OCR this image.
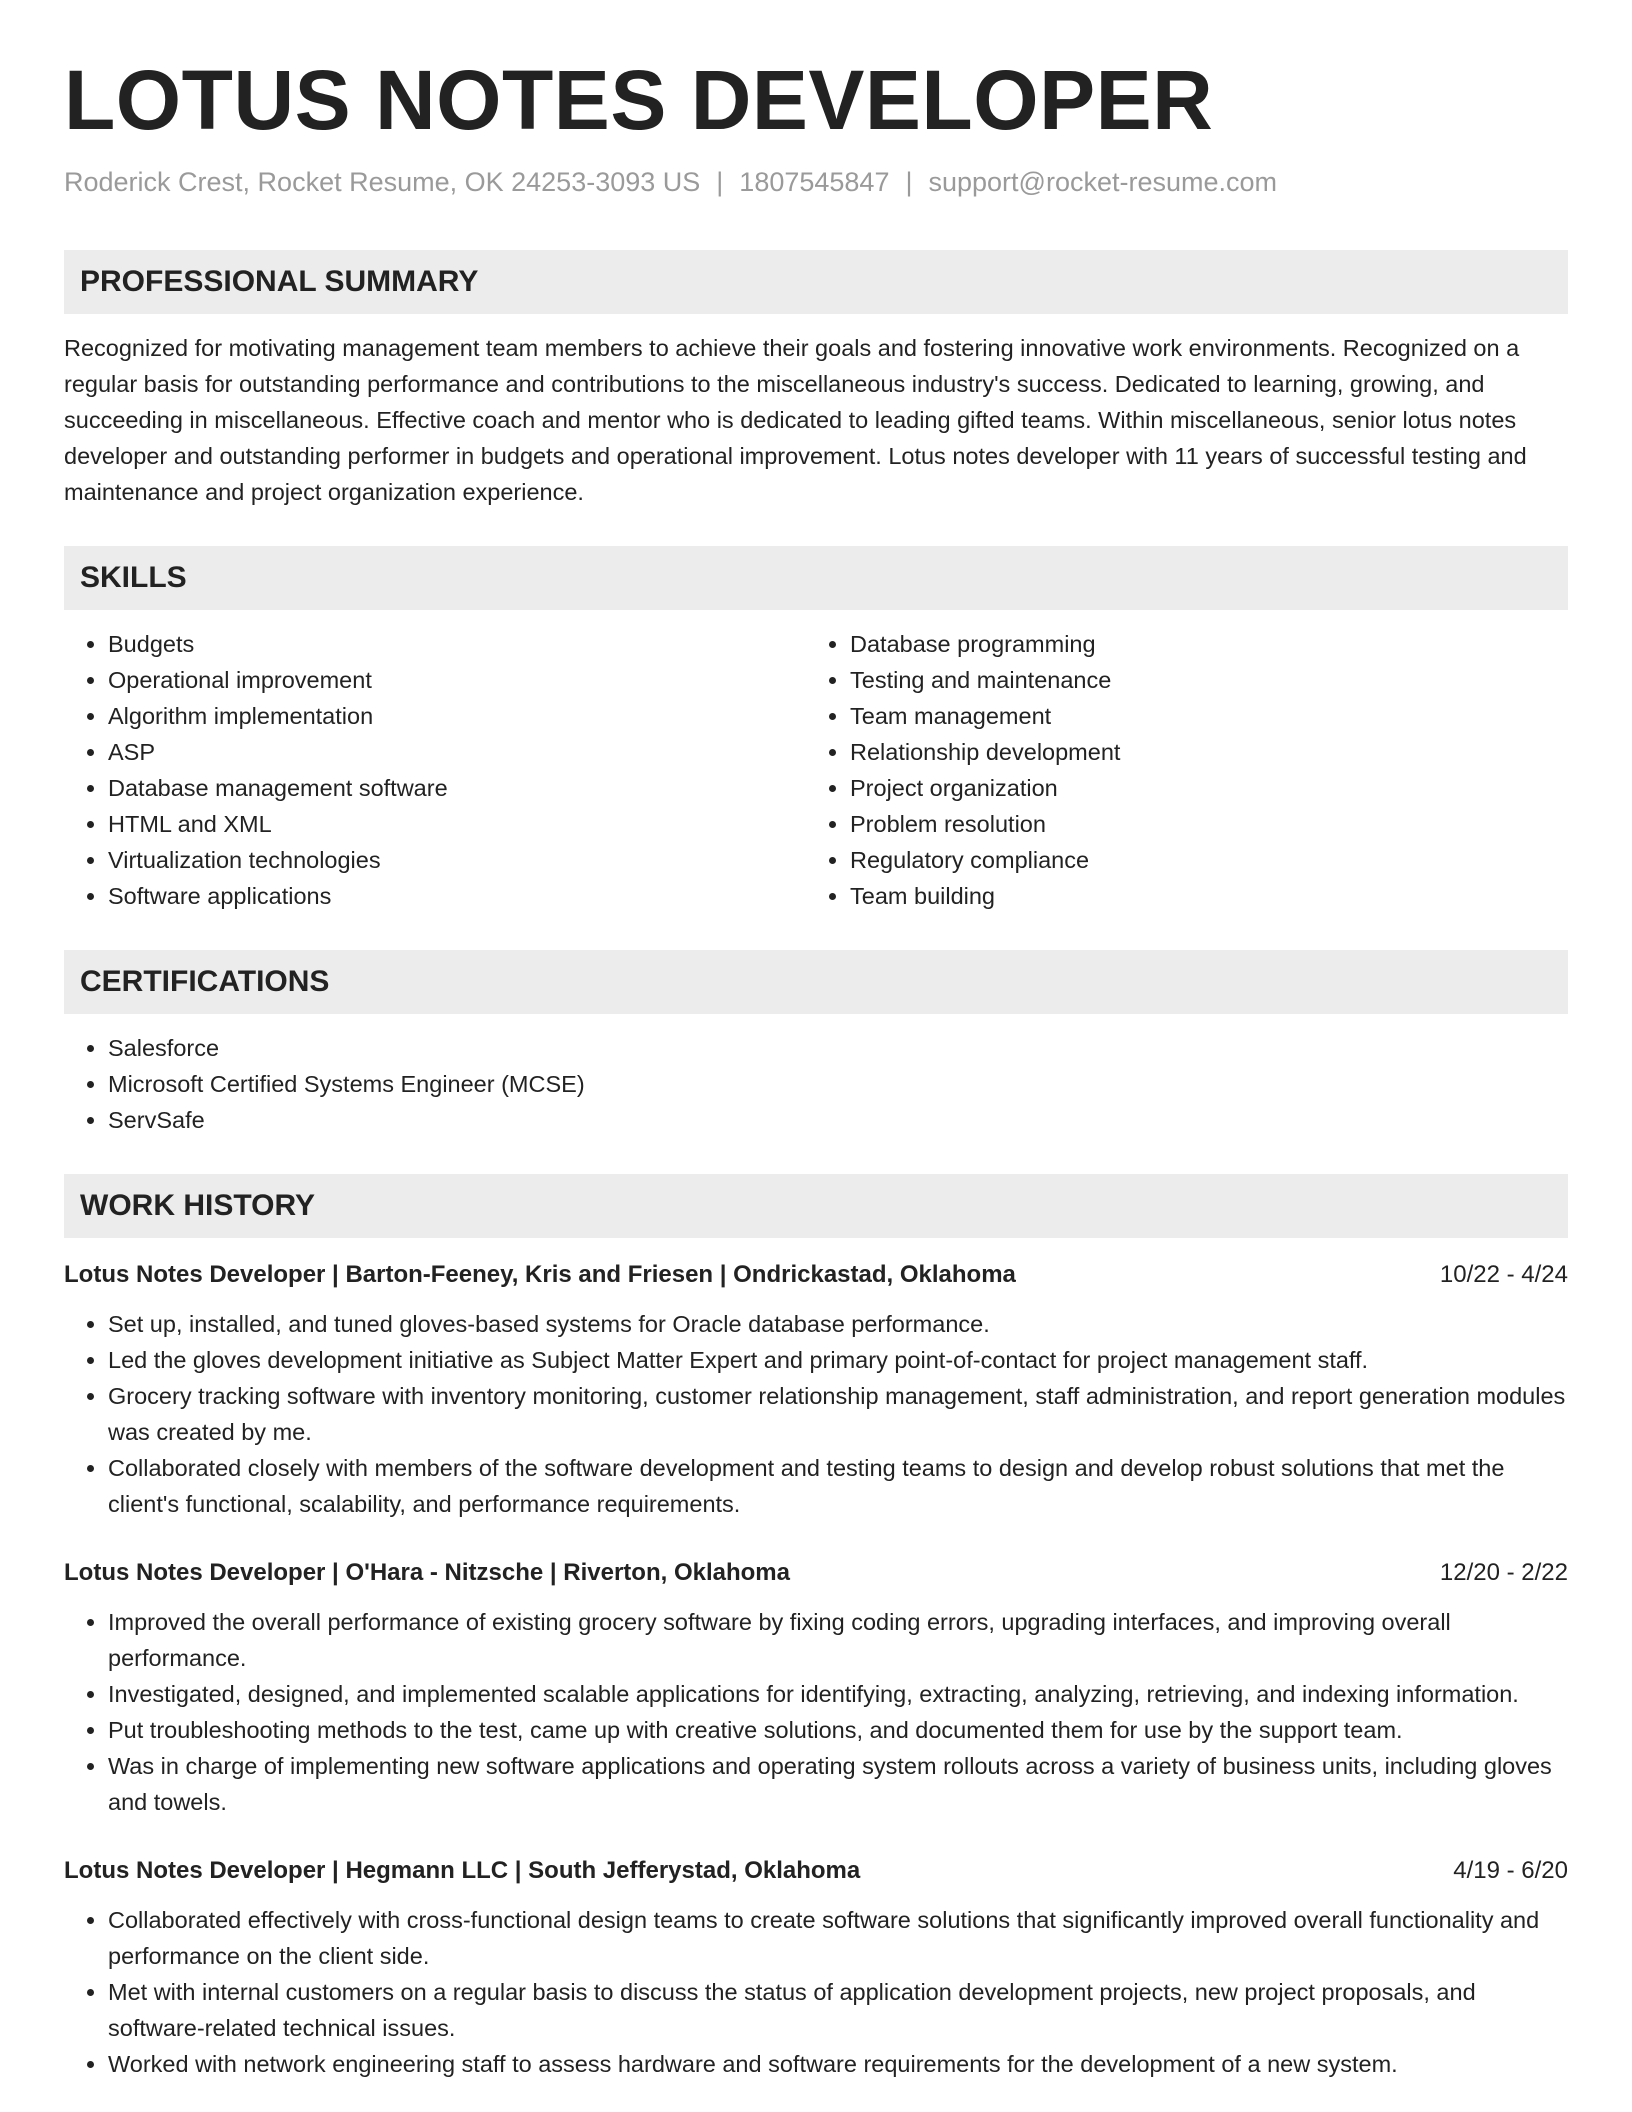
LOTUS NOTES DEVELOPER
Roderick Crest, Rocket Resume, OK 24253-3093 US | 1807545847 | support@rocket-resume.com
PROFESSIONAL SUMMARY
Recognized for motivating management team members to achieve their goals and fostering innovative work environments. Recognized on a regular basis for outstanding performance and contributions to the miscellaneous industry's success. Dedicated to learning, growing, and succeeding in miscellaneous. Effective coach and mentor who is dedicated to leading gifted teams. Within miscellaneous, senior lotus notes developer and outstanding performer in budgets and operational improvement. Lotus notes developer with 11 years of successful testing and maintenance and project organization experience.
SKILLS
• Budgets
• Operational improvement
• Algorithm implementation
• ASP
• Database management software
• HTML and XML
• Virtualization technologies
• Software applications
• Database programming
• Testing and maintenance
• Team management
• Relationship development
• Project organization
• Problem resolution
• Regulatory compliance
• Team building
CERTIFICATIONS
• Salesforce
• Microsoft Certified Systems Engineer (MCSE)
• ServSafe
WORK HISTORY
Lotus Notes Developer | Barton-Feeney, Kris and Friesen | Ondrickastad, Oklahoma	10/22 - 4/24
• Set up, installed, and tuned gloves-based systems for Oracle database performance.
• Led the gloves development initiative as Subject Matter Expert and primary point-of-contact for project management staff.
• Grocery tracking software with inventory monitoring, customer relationship management, staff administration, and report generation modules was created by me.
• Collaborated closely with members of the software development and testing teams to design and develop robust solutions that met the client's functional, scalability, and performance requirements.
Lotus Notes Developer | O'Hara - Nitzsche | Riverton, Oklahoma	12/20 - 2/22
• Improved the overall performance of existing grocery software by fixing coding errors, upgrading interfaces, and improving overall performance.
• Investigated, designed, and implemented scalable applications for identifying, extracting, analyzing, retrieving, and indexing information.
• Put troubleshooting methods to the test, came up with creative solutions, and documented them for use by the support team.
• Was in charge of implementing new software applications and operating system rollouts across a variety of business units, including gloves and towels.
Lotus Notes Developer | Hegmann LLC | South Jefferystad, Oklahoma	4/19 - 6/20
• Collaborated effectively with cross-functional design teams to create software solutions that significantly improved overall functionality and performance on the client side.
• Met with internal customers on a regular basis to discuss the status of application development projects, new project proposals, and software-related technical issues.
• Worked with network engineering staff to assess hardware and software requirements for the development of a new system.
